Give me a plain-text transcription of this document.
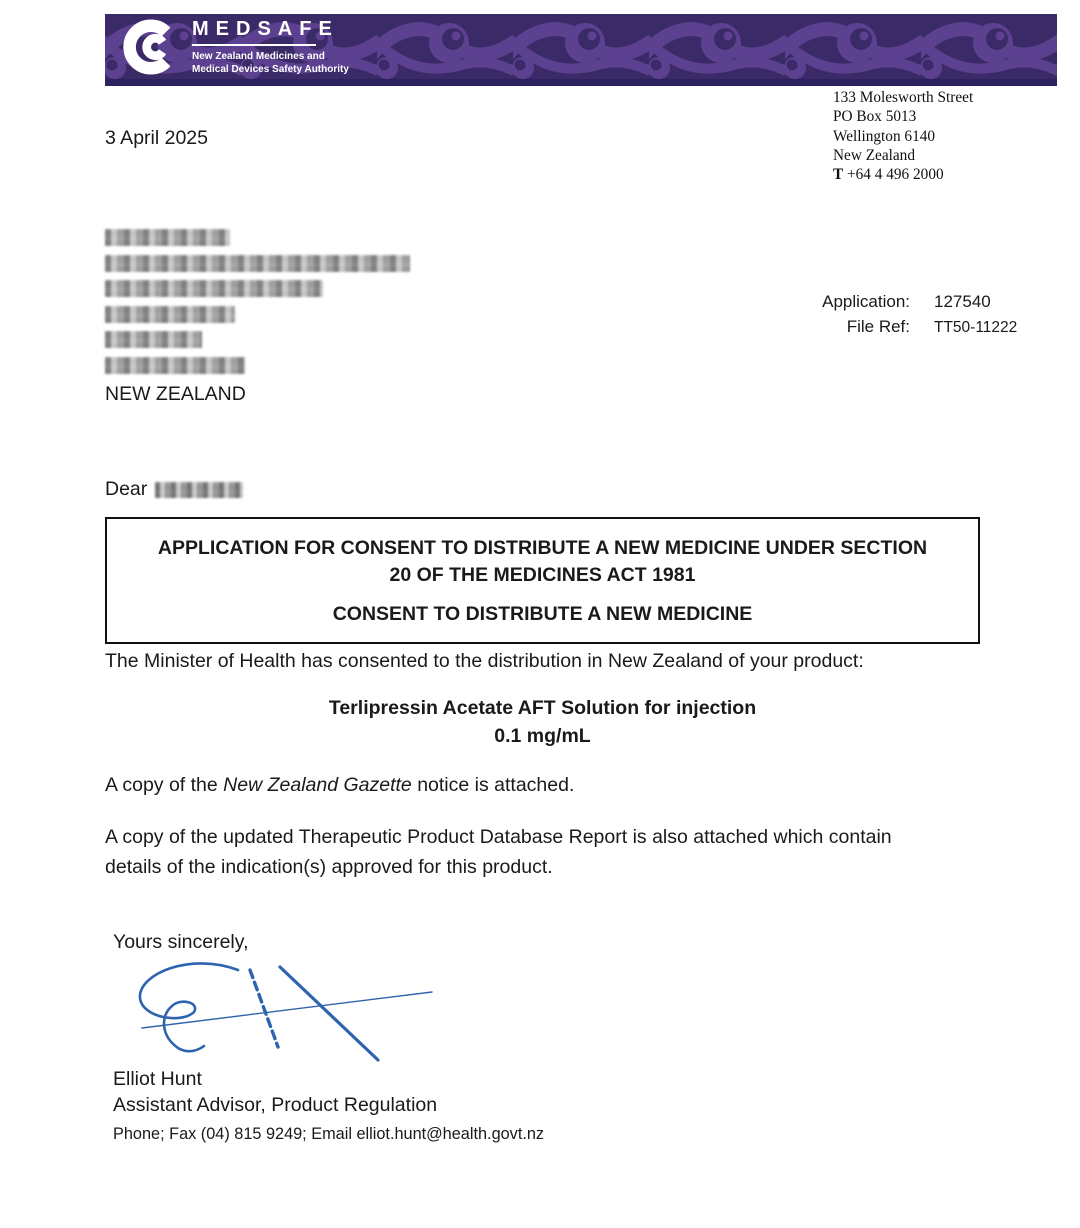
MEDSAFE
New Zealand Medicines and
Medical Devices Safety Authority
133 Molesworth Street
PO Box 5013
Wellington 6140
New Zealand
T +64 4 496 2000
3 April 2025
NEW ZEALAND
Application: 127540
File Ref: TT50-11222
Dear
APPLICATION FOR CONSENT TO DISTRIBUTE A NEW MEDICINE UNDER SECTION
20 OF THE MEDICINES ACT 1981
CONSENT TO DISTRIBUTE A NEW MEDICINE
The Minister of Health has consented to the distribution in New Zealand of your product:
Terlipressin Acetate AFT Solution for injection
0.1 mg/mL
A copy of the New Zealand Gazette notice is attached.
A copy of the updated Therapeutic Product Database Report is also attached which contain details of the indication(s) approved for this product.
Yours sincerely,
Elliot Hunt
Assistant Advisor, Product Regulation
Phone; Fax (04) 815 9249; Email elliot.hunt@health.govt.nz
